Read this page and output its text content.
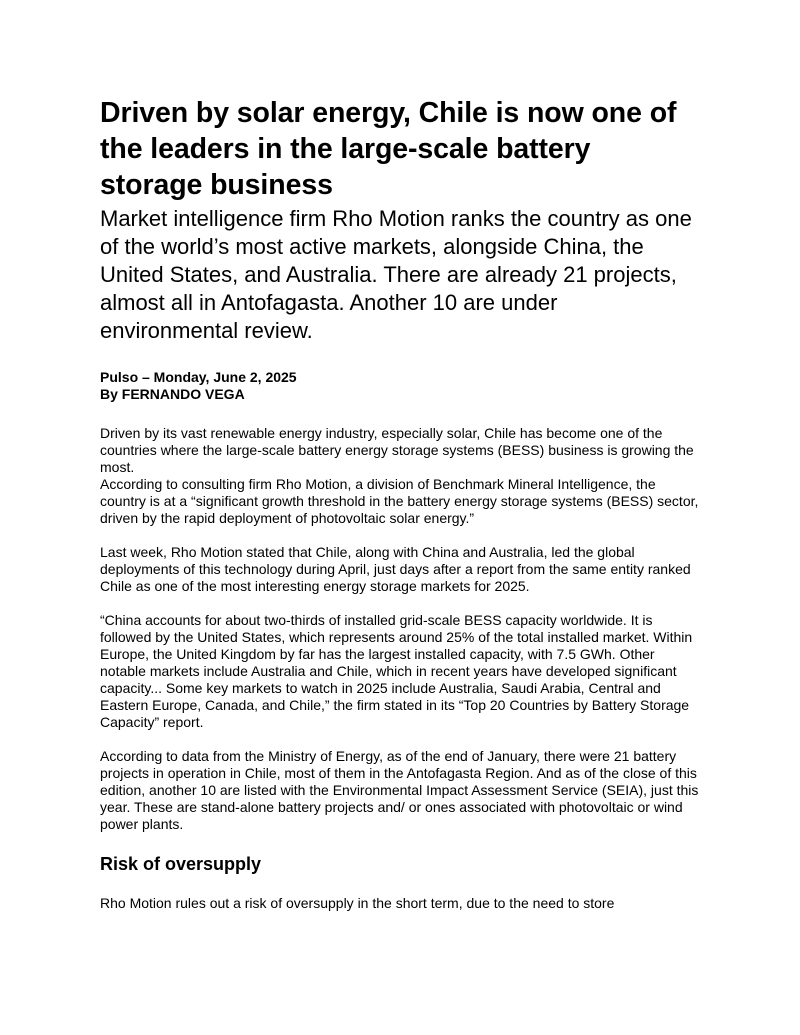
Driven by solar energy, Chile is now one of the leaders in the large-scale battery storage business
Market intelligence firm Rho Motion ranks the country as one of the world’s most active markets, alongside China, the United States, and Australia. There are already 21 projects, almost all in Antofagasta. Another 10 are under environmental review.
Pulso – Monday, June 2, 2025
By FERNANDO VEGA

Driven by its vast renewable energy industry, especially solar, Chile has become one of the countries where the large-scale battery energy storage systems (BESS) business is growing the most.

According to consulting firm Rho Motion, a division of Benchmark Mineral Intelligence, the country is at a “significant growth threshold in the battery energy storage systems (BESS) sector, driven by the rapid deployment of photovoltaic solar energy.”

Last week, Rho Motion stated that Chile, along with China and Australia, led the global deployments of this technology during April, just days after a report from the same entity ranked Chile as one of the most interesting energy storage markets for 2025.

“China accounts for about two-thirds of installed grid-scale BESS capacity worldwide. It is followed by the United States, which represents around 25% of the total installed market. Within Europe, the United Kingdom by far has the largest installed capacity, with 7.5 GWh. Other notable markets include Australia and Chile, which in recent years have developed significant capacity... Some key markets to watch in 2025 include Australia, Saudi Arabia, Central and Eastern Europe, Canada, and Chile,” the firm stated in its “Top 20 Countries by Battery Storage Capacity” report.

According to data from the Ministry of Energy, as of the end of January, there were 21 battery projects in operation in Chile, most of them in the Antofagasta Region. And as of the close of this edition, another 10 are listed with the Environmental Impact Assessment Service (SEIA), just this year. These are stand-alone battery projects and/ or ones associated with photovoltaic or wind power plants.

Risk of oversupply

Rho Motion rules out a risk of oversupply in the short term, due to the need to store
